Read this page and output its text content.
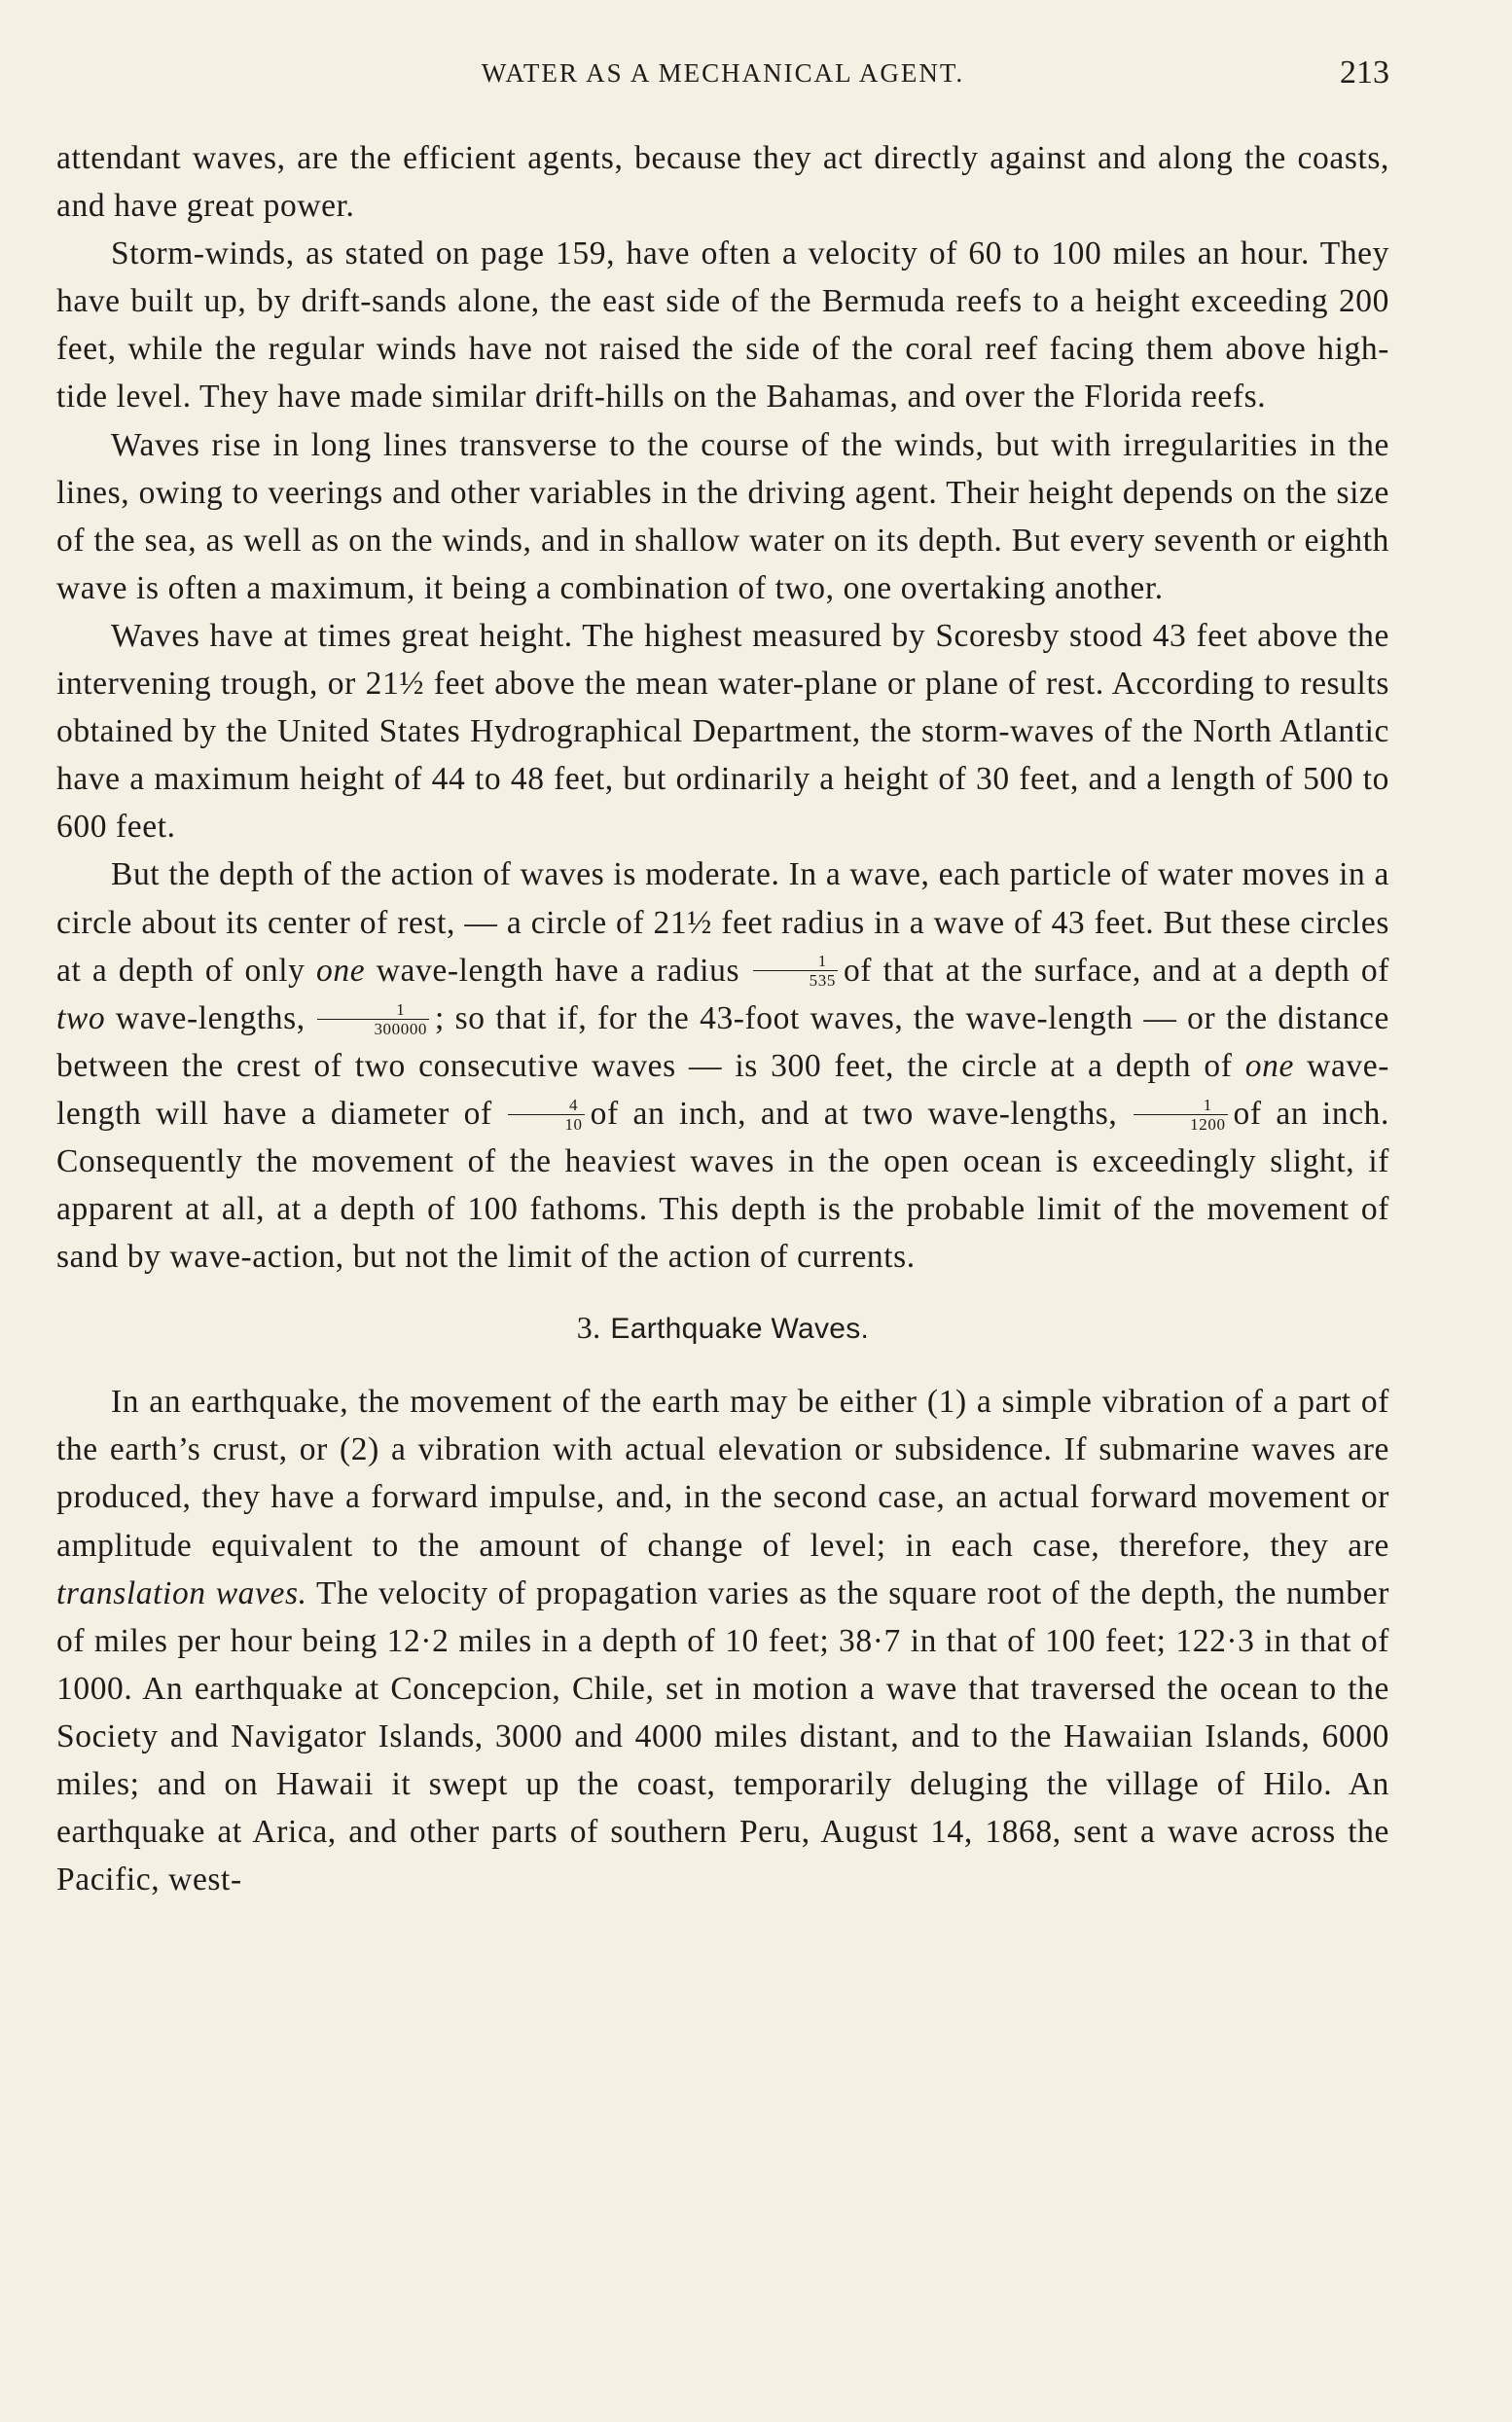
WATER AS A MECHANICAL AGENT.	213

attendant waves, are the efficient agents, because they act directly against and along the coasts, and have great power.

Storm-winds, as stated on page 159, have often a velocity of 60 to 100 miles an hour. They have built up, by drift-sands alone, the east side of the Bermuda reefs to a height exceeding 200 feet, while the regular winds have not raised the side of the coral reef facing them above high-tide level. They have made similar drift-hills on the Bahamas, and over the Florida reefs.

Waves rise in long lines transverse to the course of the winds, but with irregularities in the lines, owing to veerings and other variables in the driving agent. Their height depends on the size of the sea, as well as on the winds, and in shallow water on its depth. But every seventh or eighth wave is often a maximum, it being a combination of two, one overtaking another.

Waves have at times great height. The highest measured by Scoresby stood 43 feet above the intervening trough, or 21½ feet above the mean water-plane or plane of rest. According to results obtained by the United States Hydrographical Department, the storm-waves of the North Atlantic have a maximum height of 44 to 48 feet, but ordinarily a height of 30 feet, and a length of 500 to 600 feet.

But the depth of the action of waves is moderate. In a wave, each particle of water moves in a circle about its center of rest, — a circle of 21½ feet radius in a wave of 43 feet. But these circles at a depth of only one wave-length have a radius $\frac{1}{535}$ of that at the surface, and at a depth of two wave-lengths, $\frac{1}{300000}$ ; so that if, for the 43-foot waves, the wave-length — or the distance between the crest of two consecutive waves — is 300 feet, the circle at a depth of one wave-length will have a diameter of $\frac{4}{10}$ of an inch, and at two wave-lengths, $\frac{1}{1200}$ of an inch. Consequently the movement of the heaviest waves in the open ocean is exceedingly slight, if apparent at all, at a depth of 100 fathoms. This depth is the probable limit of the movement of sand by wave-action, but not the limit of the action of currents.

3. Earthquake Waves.

In an earthquake, the movement of the earth may be either (1) a simple vibration of a part of the earth’s crust, or (2) a vibration with actual elevation or subsidence. If submarine waves are produced, they have a forward impulse, and, in the second case, an actual forward movement or amplitude equivalent to the amount of change of level; in each case, therefore, they are translation waves. The velocity of propagation varies as the square root of the depth, the number of miles per hour being 12·2 miles in a depth of 10 feet; 38·7 in that of 100 feet; 122·3 in that of 1000. An earthquake at Concepcion, Chile, set in motion a wave that traversed the ocean to the Society and Navigator Islands, 3000 and 4000 miles distant, and to the Hawaiian Islands, 6000 miles; and on Hawaii it swept up the coast, temporarily deluging the village of Hilo. An earthquake at Arica, and other parts of southern Peru, August 14, 1868, sent a wave across the Pacific, west-
